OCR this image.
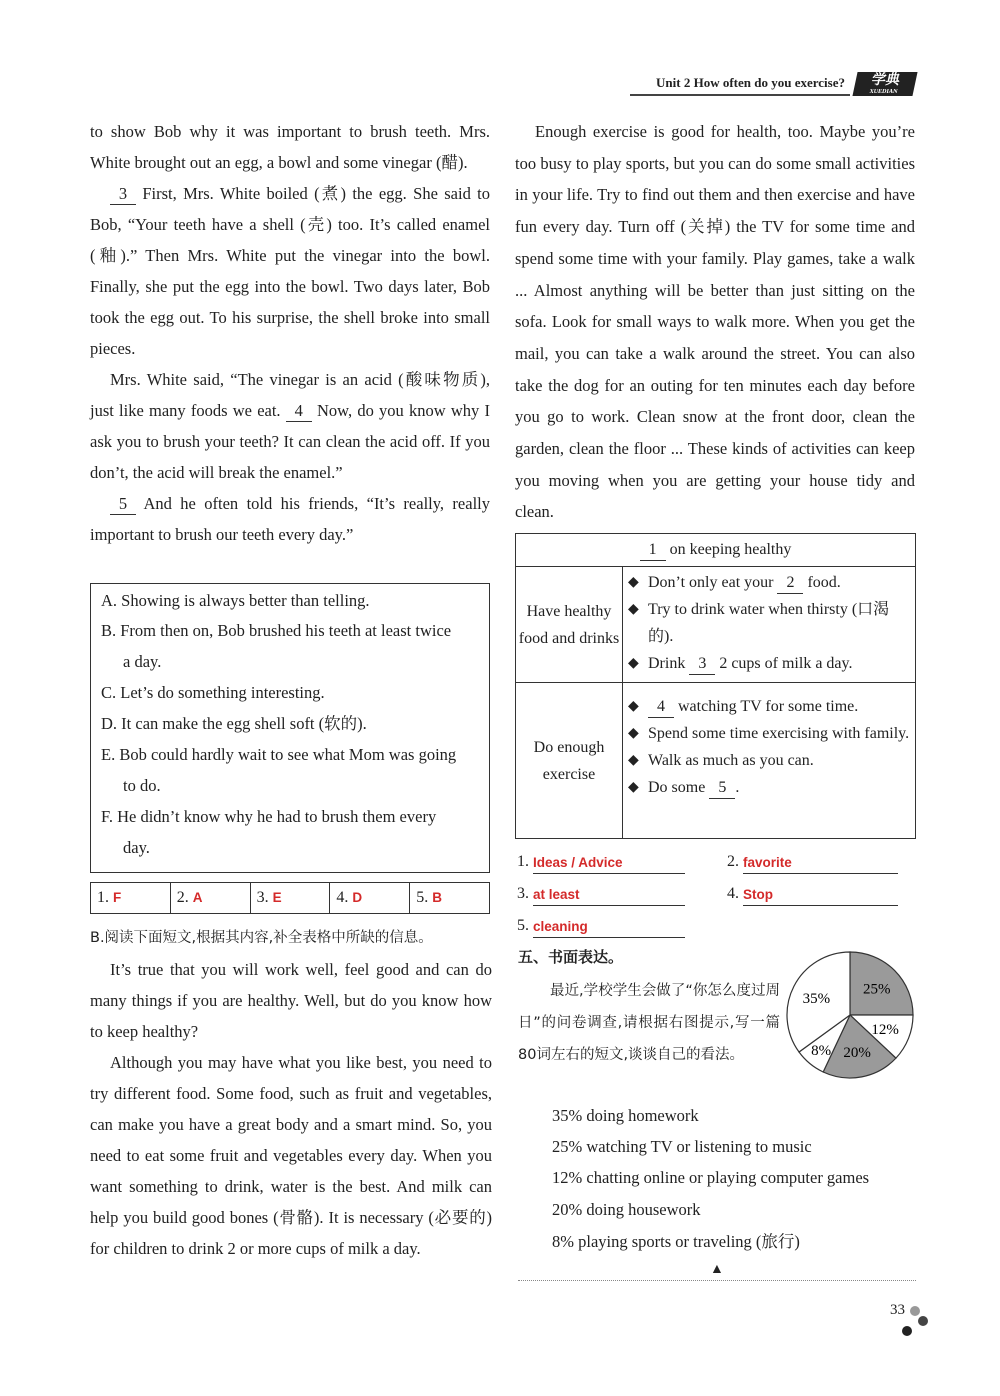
Unit 2 How often do you exercise?	学典
XUEDIAN

to show Bob why it was important to brush teeth. Mrs. White brought out an egg, a bowl and some vinegar (醋).

3 First, Mrs. White boiled (煮) the egg. She said to Bob, “Your teeth have a shell (壳) too. It’s called enamel (釉).” Then Mrs. White put the vinegar into the bowl. Finally, she put the egg into the bowl. Two days later, Bob took the egg out. To his surprise, the shell broke into small pieces.

Mrs. White said, “The vinegar is an acid (酸味物质), just like many foods we eat. 4 Now, do you know why I ask you to brush your teeth? It can clean the acid off. If you don’t, the acid will break the enamel.”

5 And he often told his friends, “It’s really, really important to brush our teeth every day.”

A. Showing is always better than telling.
B. From then on, Bob brushed his teeth at least twice
a day.
C. Let’s do something interesting.
D. It can make the egg shell soft (软的).
E. Bob could hardly wait to see what Mom was going
to do.
F. He didn’t know why he had to brush them every
day.
1. F	2. A	3. E	4. D	5. B

B.阅读下面短文,根据其内容,补全表格中所缺的信息。

It’s true that you will work well, feel good and can do many things if you are healthy. Well, but do you know how to keep healthy?

Although you may have what you like best, you need to try different food. Some food, such as fruit and vegetables, can make you have a great body and a smart mind. So, you need to eat some fruit and vegetables every day. When you want something to drink, water is the best. And milk can help you build good bones (骨骼). It is necessary (必要的) for children to drink 2 or more cups of milk a day.

Enough exercise is good for health, too. Maybe you’re too busy to play sports, but you can do some small activities in your life. Try to find out them and then exercise and have fun every day. Turn off (关掉) the TV for some time and spend some time with your family. Play games, take a walk ... Almost anything will be better than just sitting on the sofa. Look for small ways to walk more. When you get the mail, you can take a walk around the street. You can also take the dog for an outing for ten minutes each day before you go to work. Clean snow at the front door, clean the garden, clean the floor ... These kinds of activities can keep you moving when you are getting your house tidy and clean.

1 on keeping healthy
Have healthy food and drinks
◆ Don’t only eat your 2 food.
◆ Try to drink water when thirsty (口渴的).
◆ Drink 3 2 cups of milk a day.
Do enough exercise
◆ 4 watching TV for some time.
◆ Spend some time exercising with family.
◆ Walk as much as you can.
◆ Do some 5 .
1. Ideas / Advice	2. favorite
3. at least	4. Stop
5. cleaning
五、书面表达。
最近,学校学生会做了“你怎么度过周日”的问卷调查,请根据右图提示,写一篇80词左右的短文,谈谈自己的看法。
25%
12%
20%
8%
35%
35% doing homework
25% watching TV or listening to music
12% chatting online or playing computer games
20% doing housework
8% playing sports or traveling (旅行)
▲
33
